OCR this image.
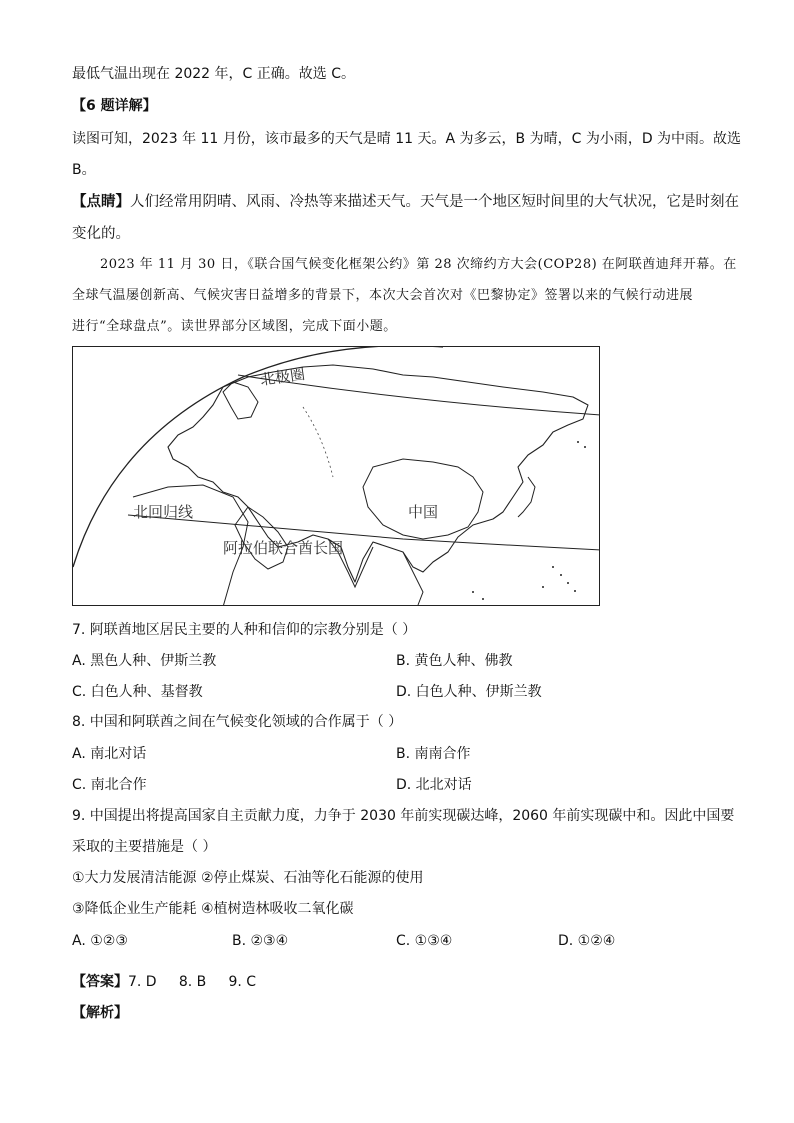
最低气温出现在 2022 年，C 正确。故选 C。
【6 题详解】
读图可知，2023 年 11 月份，该市最多的天气是晴 11 天。A 为多云，B 为晴，C 为小雨，D 为中雨。故选
B。
【点睛】人们经常用阴晴、风雨、冷热等来描述天气。天气是一个地区短时间里的大气状况，它是时刻在
变化的。
2023 年 11 月 30 日，《联合国气候变化框架公约》第 28 次缔约方大会(COP28) 在阿联酋迪拜开幕。在
全球气温屡创新高、气候灾害日益增多的背景下，本次大会首次对《巴黎协定》签署以来的气候行动进展
进行“全球盘点”。读世界部分区域图，完成下面小题。
北极圈
北回归线	中国
阿拉伯联合酋长国
7. 阿联酋地区居民主要的人种和信仰的宗教分别是（ ）
A. 黑色人种、伊斯兰教	B. 黄色人种、佛教
C. 白色人种、基督教	D. 白色人种、伊斯兰教
8. 中国和阿联酋之间在气候变化领域的合作属于（ ）
A. 南北对话	B. 南南合作
C. 南北合作	D. 北北对话
9. 中国提出将提高国家自主贡献力度，力争于 2030 年前实现碳达峰，2060 年前实现碳中和。因此中国要
采取的主要措施是（ ）
①大力发展清洁能源 ②停止煤炭、石油等化石能源的使用
③降低企业生产能耗 ④植树造林吸收二氧化碳
A. ①②③	B. ②③④	C. ①③④	D. ①②④
【答案】7. D     8. B     9. C
【解析】
